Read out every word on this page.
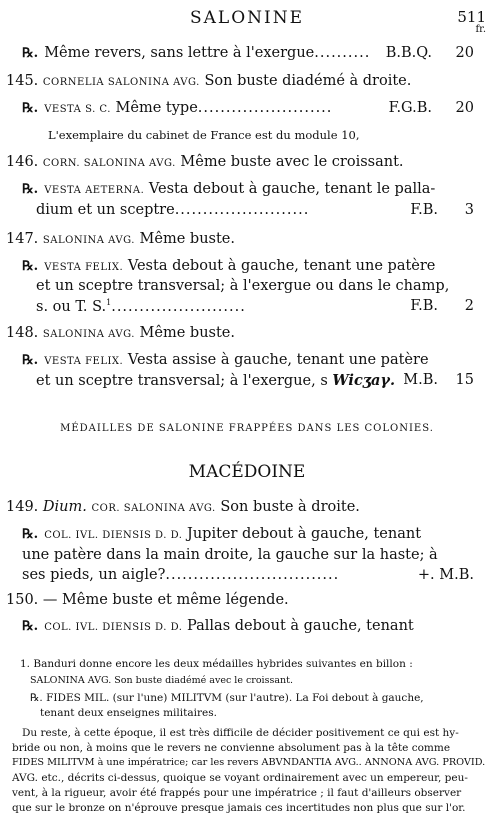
SALONINE	511
fr.
℞. Même revers, sans lettre à l'exergue.......... B.B.Q. 20
145. CORNELIA SALONINA AVG. Son buste diadémé à droite.
℞. VESTA S. C. Même type........................	F.G.B. 20
L'exemplaire du cabinet de France est du module 10,
146. CORN. SALONINA AVG. Même buste avec le croissant.
℞. VESTA AETERNA. Vesta debout à gauche, tenant le palla-
dium et un sceptre........................	F.B. 3
147. SALONINA AVG. Même buste.
℞. VESTA FELIX. Vesta debout à gauche, tenant une patère
et un sceptre transversal; à l'exergue ou dans le champ,
s. ou T. S.$^1$........................	F.B. 2
148. SALONINA AVG. Même buste.
℞. VESTA FELIX. Vesta assise à gauche, tenant une patère
et un sceptre transversal; à l'exergue, s Wicʒaγ. M.B. 15
MÉDAILLES DE SALONINE FRAPPÉES DANS LES COLONIES.
MACÉDOINE
149. Dium. COR. SALONINA AVG. Son buste à droite.
℞. COL. IVL. DIENSIS D. D. Jupiter debout à gauche, tenant
une patère dans la main droite, la gauche sur la haste; à
ses pieds, un aigle?...............................	+. M.B.
150. — Même buste et même légende.
℞. COL. IVL. DIENSIS D. D. Pallas debout à gauche, tenant
1. Banduri donne encore les deux médailles hybrides suivantes en billon :
SALONINA AVG. Son buste diadémé avec le croissant.
℞. FIDES MIL. (sur l'une) MILITVM (sur l'autre). La Foi debout à gauche,
tenant deux enseignes militaires.
Du reste, à cette époque, il est très difficile de décider positivement ce qui est hy-
bride ou non, à moins que le revers ne convienne absolument pas à la tête comme
FIDES MILITVM à une impératrice; car les revers ABVNDANTIA AVG.. ANNONA AVG. PROVID.
AVG. etc., décrits ci-dessus, quoique se voyant ordinairement avec un empereur, peu-
vent, à la rigueur, avoir été frappés pour une impératrice ; il faut d'ailleurs observer
que sur le bronze on n'éprouve presque jamais ces incertitudes non plus que sur l'or.
